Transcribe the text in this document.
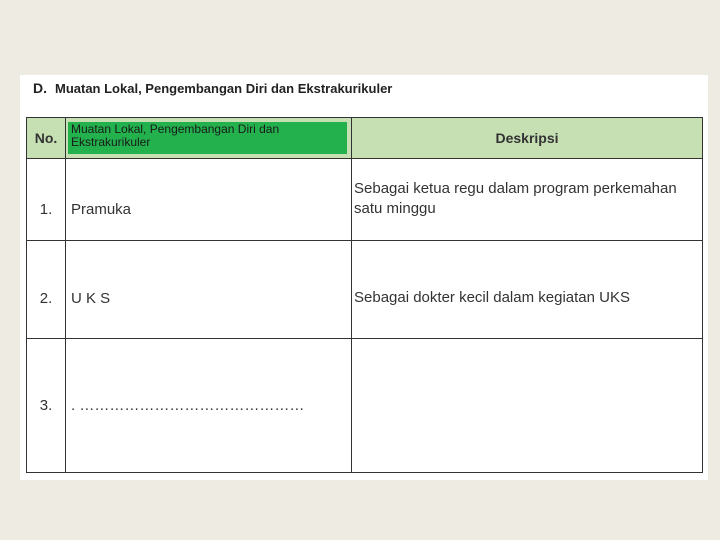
D. Muatan Lokal, Pengembangan Diri dan Ekstrakurikuler
No.	Muatan Lokal, Pengembangan Diri dan Ekstrakurikuler	Deskripsi
1.	Pramuka	Sebagai ketua regu dalam program perkemahan satu minggu
2.	U K S	Sebagai dokter kecil dalam kegiatan UKS
3.	. ………………………………………	
